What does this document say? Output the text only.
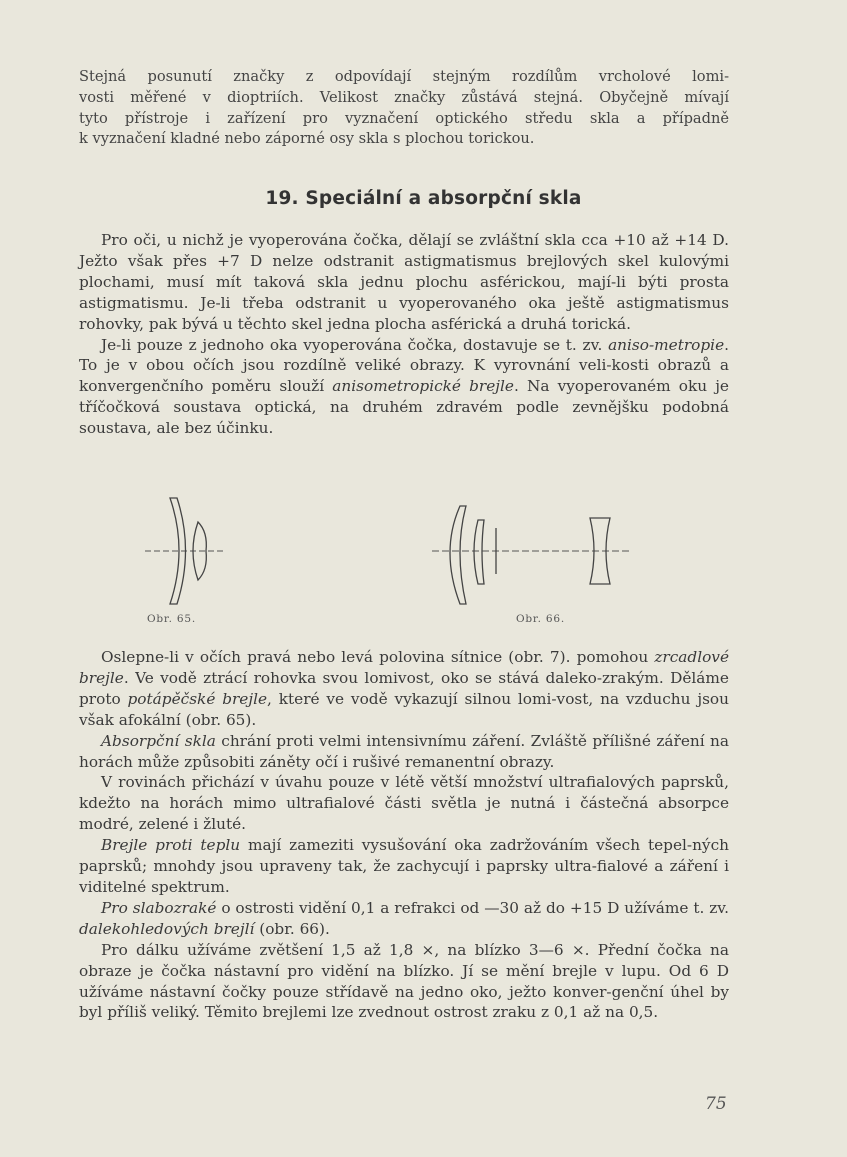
Stejná posunutí značky z odpovídají stejným rozdílům vrcholové lomi-
vosti měřené v dioptriích. Velikost značky zůstává stejná. Obyčejně mívají
tyto přístroje i zařízení pro vyznačení optického středu skla a případně
k vyznačení kladné nebo záporné osy skla s plochou torickou.
19. Speciální a absorpční skla

Pro oči, u nichž je vyoperována čočka, dělají se zvláštní skla cca +10 až +14 D. Ježto však přes +7 D nelze odstranit astigmatismus brejlových skel kulovými plochami, musí mít taková skla jednu plochu asférickou, mají-li býti prosta astigmatismu. Je-li třeba odstranit u vyoperovaného oka ještě astigmatismus rohovky, pak bývá u těchto skel jedna plocha asférická a druhá torická.

Je-li pouze z jednoho oka vyoperována čočka, dostavuje se t. zv. aniso-metropie. To je v obou očích jsou rozdílně veliké obrazy. K vyrovnání veli-kosti obrazů a konvergenčního poměru slouží anisometropické brejle. Na vyoperovaném oku je tříčočková soustava optická, na druhém zdravém podle zevnějšku podobná soustava, ale bez účinku.

Obr. 65.	Obr. 66.

Oslepne-li v očích pravá nebo levá polovina sítnice (obr. 7). pomohou zrcadlové brejle. Ve vodě ztrácí rohovka svou lomivost, oko se stává daleko-zrakým. Děláme proto potápěčské brejle, které ve vodě vykazují silnou lomi-vost, na vzduchu jsou však afokální (obr. 65).

Absorpční skla chrání proti velmi intensivnímu záření. Zvláště přílišné záření na horách může způsobiti záněty očí i rušivé remanentní obrazy.

V rovinách přichází v úvahu pouze v létě větší množství ultrafialových paprsků, kdežto na horách mimo ultrafialové části světla je nutná i částečná absorpce modré, zelené i žluté.

Brejle proti teplu mají zameziti vysušování oka zadržováním všech tepel-ných paprsků; mnohdy jsou upraveny tak, že zachycují i paprsky ultra-fialové a záření i viditelné spektrum.

Pro slabozraké o ostrosti vidění 0,1 a refrakci od —30 až do +15 D užíváme t. zv. dalekohledových brejlí (obr. 66).

Pro dálku užíváme zvětšení 1,5 až 1,8 ×, na blízko 3—6 ×. Přední čočka na obraze je čočka nástavní pro vidění na blízko. Jí se mění brejle v lupu. Od 6 D užíváme nástavní čočky pouze střídavě na jedno oko, ježto konver-genční úhel by byl příliš veliký. Těmito brejlemi lze zvednout ostrost zraku z 0,1 až na 0,5.

75
